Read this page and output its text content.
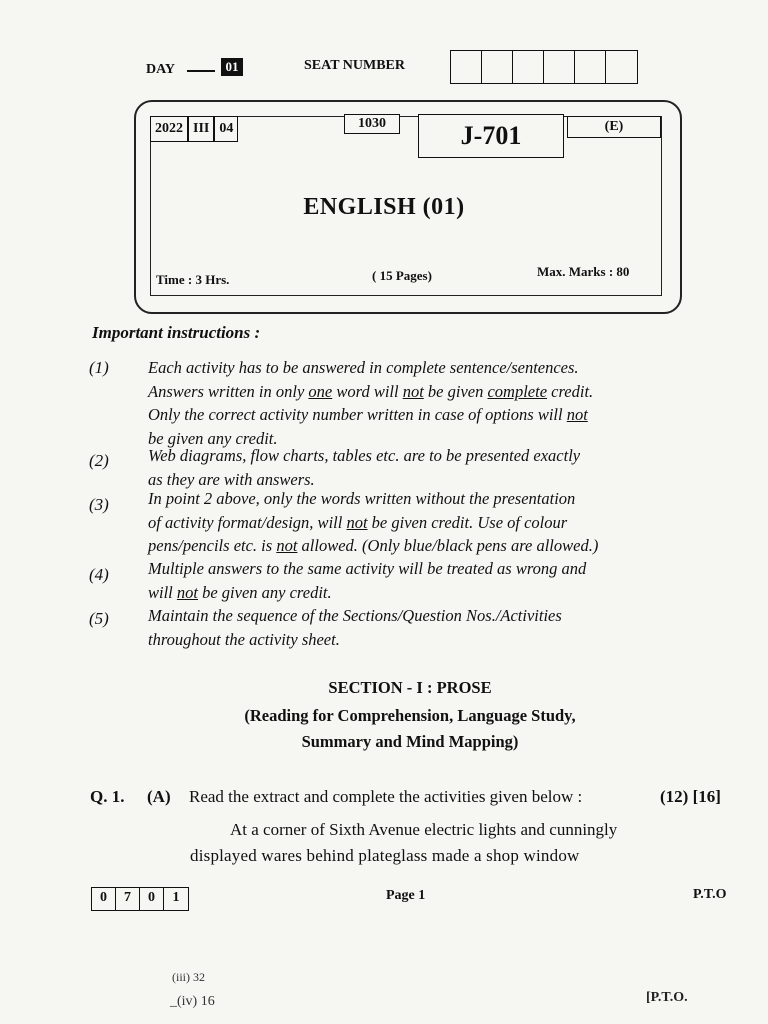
DAY	01	SEAT NUMBER
2022 III 04	1030	J-701	(E)
ENGLISH (01)
Time : 3 Hrs.	( 15 Pages)	Max. Marks : 80
Important instructions :
(1) Each activity has to be answered in complete sentence/sentences.
Answers written in only one word will not be given complete credit.
Only the correct activity number written in case of options will not
be given any credit.
(2) Web diagrams, flow charts, tables etc. are to be presented exactly
as they are with answers.
(3) In point 2 above, only the words written without the presentation
of activity format/design, will not be given credit. Use of colour
pens/pencils etc. is not allowed. (Only blue/black pens are allowed.)
(4) Multiple answers to the same activity will be treated as wrong and
will not be given any credit.
(5) Maintain the sequence of the Sections/Question Nos./Activities
throughout the activity sheet.
SECTION - I : PROSE
(Reading for Comprehension, Language Study,
Summary and Mind Mapping)
Q. 1. (A) Read the extract and complete the activities given below :	(12) [16]
At a corner of Sixth Avenue electric lights and cunningly
displayed wares behind plateglass made a shop window
0	7	0	1	Page 1	P.T.O
(iii) 32
_(iv) 16	[P.T.O.
